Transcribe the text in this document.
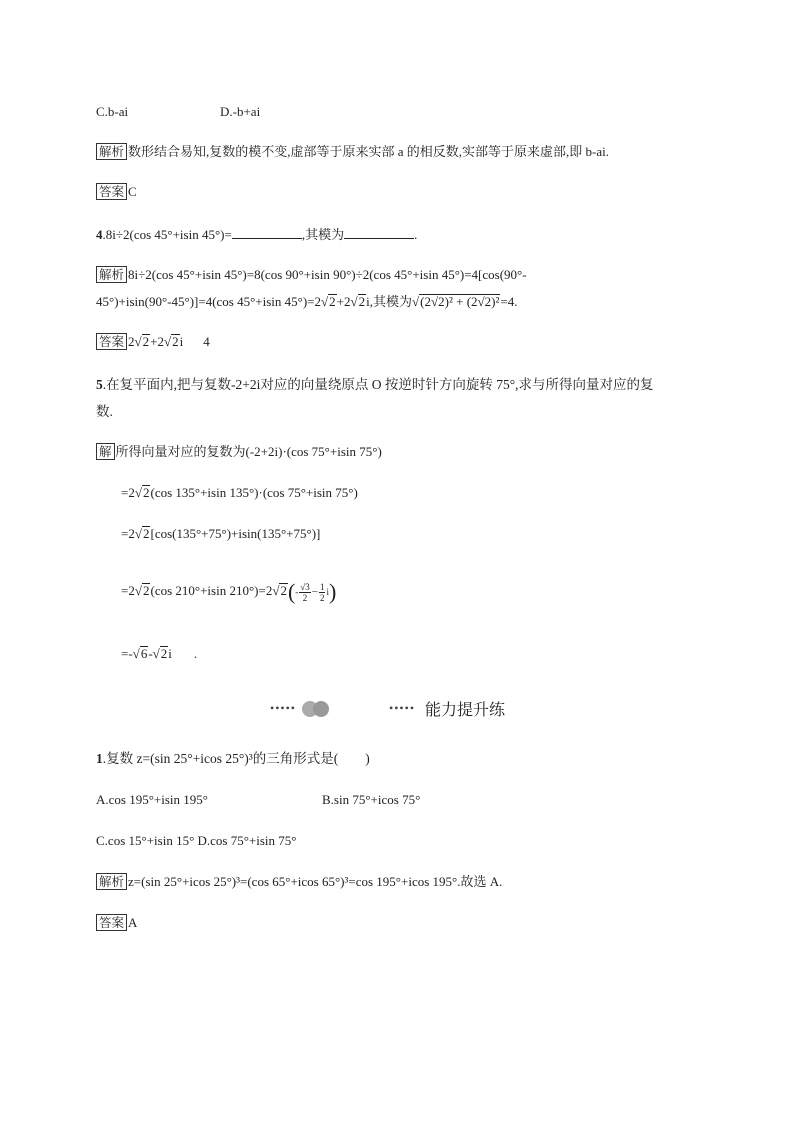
C.b-ai	D.-b+ai
解析 数形结合易知,复数的模不变,虚部等于原来实部 a 的相反数,实部等于原来虚部,即 b-ai.
答案 C
4.8i÷2(cos 45°+isin 45°)=	,其模为	.
解析 8i÷2(cos 45°+isin 45°)=8(cos 90°+isin 90°)÷2(cos 45°+isin 45°)=4[cos(90°-
45°)+isin(90°-45°)]=4(cos 45°+isin 45°)=2√2+2√2i,其模为√(2√2)² + (2√2)²=4.
答案 2√2+2√2i 4
5.在复平面内,把与复数-2+2i对应的向量绕原点 O 按逆时针方向旋转 75°,求与所得向量对应的复
数.
解 所得向量对应的复数为(-2+2i)·(cos 75°+isin 75°)
=2√2(cos 135°+isin 135°)·(cos 75°+isin 75°)
=2√2[cos(135°+75°)+isin(135°+75°)]
=2√2(cos 210°+isin $210^\circ)=2√2(- \frac{√3}{2} - \frac{1}{2} i)$
=-√6-√2i .
•••••	••••• 能力提升练
1.复数 z=(sin 25°+icos 25°)³的三角形式是(　　)
A.cos 195°+isin 195°	B.sin 75°+icos 75°
C.cos 15°+isin 15° D.cos 75°+isin 75°
解析 z=(sin 25°+icos 25°)³=(cos 65°+icos 65°)³=cos 195°+icos 195°.故选 A.
答案 A
